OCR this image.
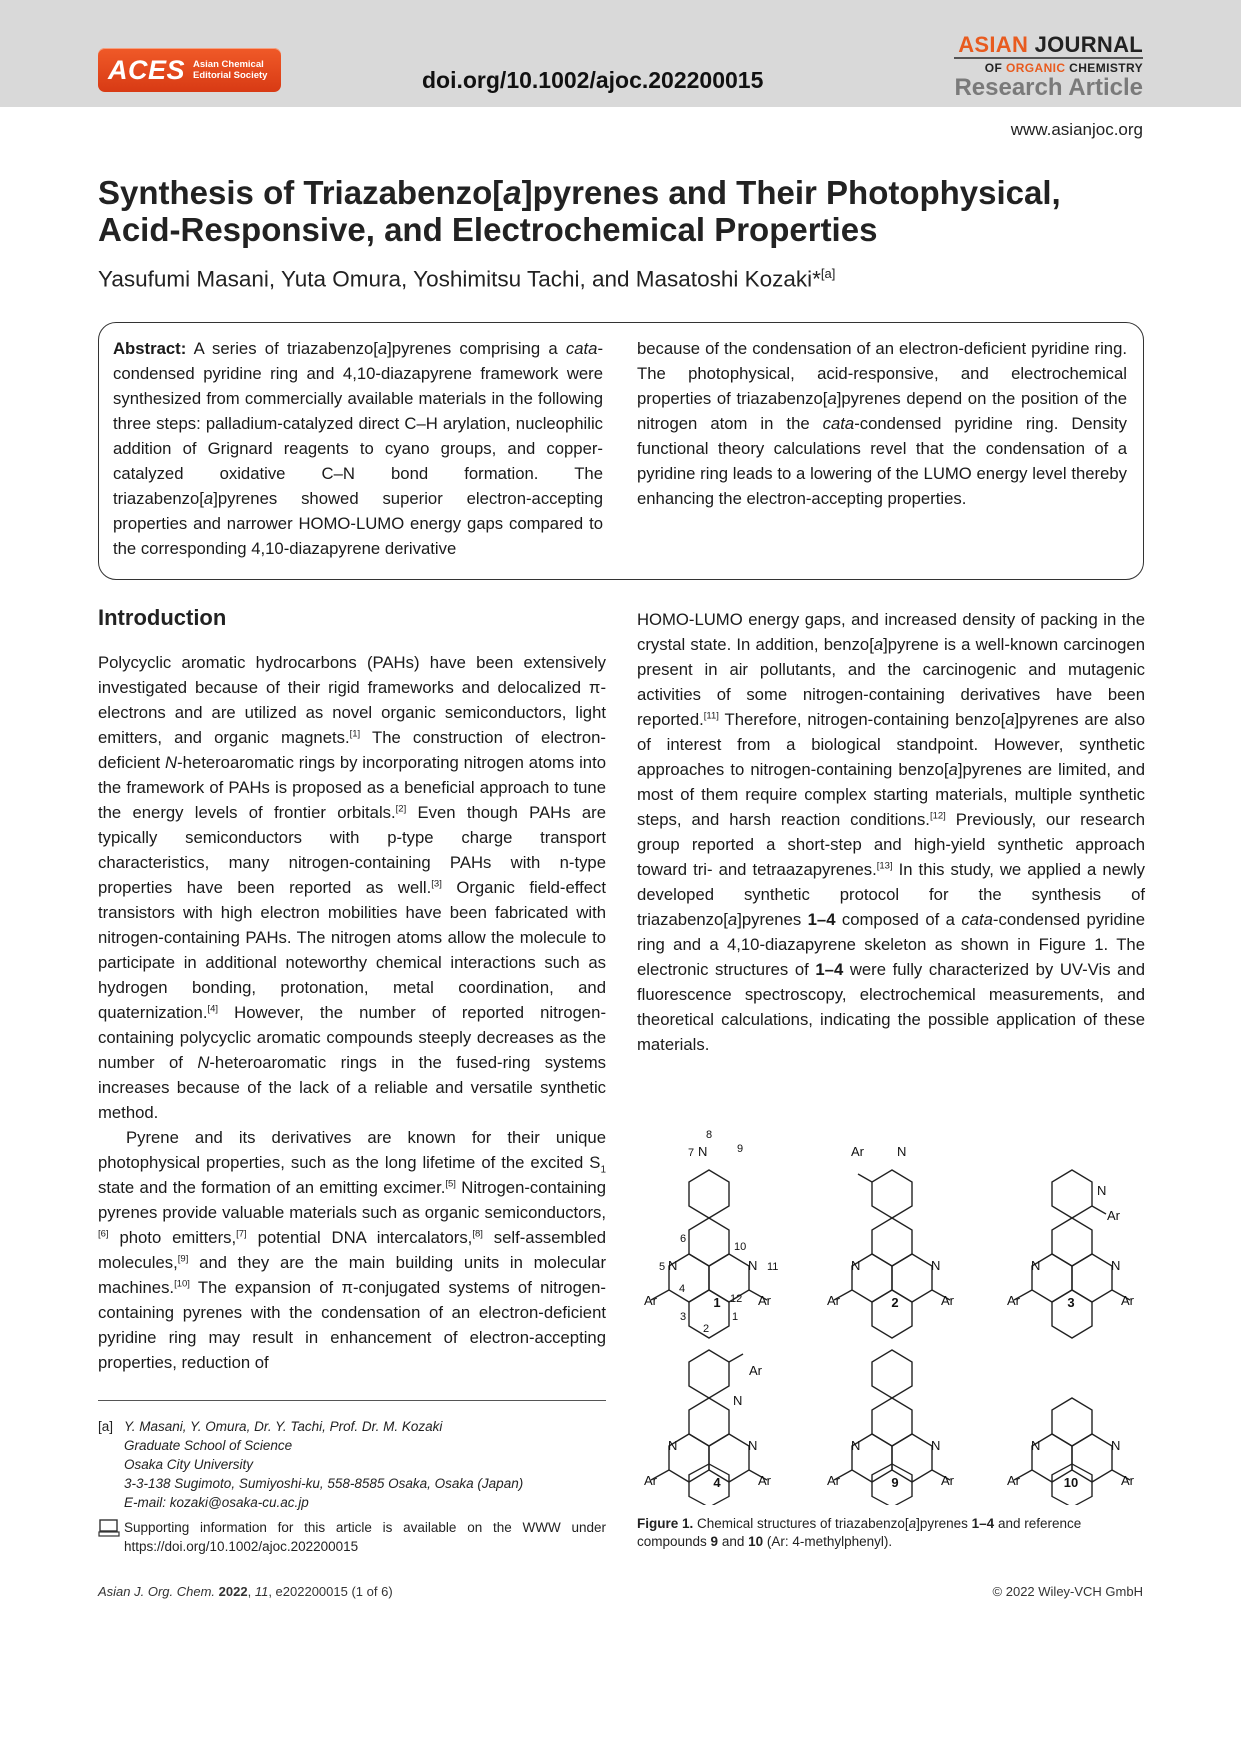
ACES Asian Chemical
Editorial Society	doi.org/10.1002/ajoc.202200015
ASIAN JOURNAL
OF ORGANIC CHEMISTRY
Research Article
www.asianjoc.org
Synthesis of Triazabenzo[a]pyrenes and Their Photophysical, Acid-Responsive, and Electrochemical Properties
Yasufumi Masani, Yuta Omura, Yoshimitsu Tachi, and Masatoshi Kozaki*[a]
Abstract: A series of triazabenzo[a]pyrenes comprising a cata-condensed pyridine ring and 4,10-diazapyrene framework were synthesized from commercially available materials in the following three steps: palladium-catalyzed direct C–H arylation, nucleophilic addition of Grignard reagents to cyano groups, and copper-catalyzed oxidative C–N bond formation. The triazabenzo[a]pyrenes showed superior electron-accepting properties and narrower HOMO-LUMO energy gaps compared to the corresponding 4,10-diazapyrene derivative
because of the condensation of an electron-deficient pyridine ring. The photophysical, acid-responsive, and electrochemical properties of triazabenzo[a]pyrenes depend on the position of the nitrogen atom in the cata-condensed pyridine ring. Density functional theory calculations revel that the condensation of a pyridine ring leads to a lowering of the LUMO energy level thereby enhancing the electron-accepting properties.
Introduction

Polycyclic aromatic hydrocarbons (PAHs) have been extensively investigated because of their rigid frameworks and delocalized π-electrons and are utilized as novel organic semiconductors, light emitters, and organic magnets.[1] The construction of electron-deficient N-heteroaromatic rings by incorporating nitrogen atoms into the framework of PAHs is proposed as a beneficial approach to tune the energy levels of frontier orbitals.[2] Even though PAHs are typically semiconductors with p-type charge transport characteristics, many nitrogen-containing PAHs with n-type properties have been reported as well.[3] Organic field-effect transistors with high electron mobilities have been fabricated with nitrogen-containing PAHs. The nitrogen atoms allow the molecule to participate in additional noteworthy chemical interactions such as hydrogen bonding, protonation, metal coordination, and quaternization.[4] However, the number of reported nitrogen-containing polycyclic aromatic compounds steeply decreases as the number of N-heteroaromatic rings in the fused-ring systems increases because of the lack of a reliable and versatile synthetic method.

Pyrene and its derivatives are known for their unique photophysical properties, such as the long lifetime of the excited $S_1$ state and the formation of an emitting excimer.[5] Nitrogen-containing pyrenes provide valuable materials such as organic semiconductors,[6] photo emitters,[7] potential DNA intercalators,[8] self-assembled molecules,[9] and they are the main building units in molecular machines.[10] The expansion of π-conjugated systems of nitrogen-containing pyrenes with the condensation of an electron-deficient pyridine ring may result in enhancement of electron-accepting properties, reduction of

HOMO-LUMO energy gaps, and increased density of packing in the crystal state. In addition, benzo[a]pyrene is a well-known carcinogen present in air pollutants, and the carcinogenic and mutagenic activities of some nitrogen-containing derivatives have been reported.[11] Therefore, nitrogen-containing benzo[a]pyrenes are also of interest from a biological standpoint. However, synthetic approaches to nitrogen-containing benzo[a]pyrenes are limited, and most of them require complex starting materials, multiple synthetic steps, and harsh reaction conditions.[12] Previously, our research group reported a short-step and high-yield synthetic approach toward tri- and tetraazapyrenes.[13] In this study, we applied a newly developed synthetic protocol for the synthesis of triazabenzo[a]pyrenes 1–4 composed of a cata-condensed pyridine ring and a 4,10-diazapyrene skeleton as shown in Figure 1. The electronic structures of 1–4 were fully characterized by UV-Vis and fluorescence spectroscopy, electrochemical measurements, and theoretical calculations, indicating the possible application of these materials.

N
N	N
Ar	Ar
1
2
3
4
5
6
7
8
9
10
11
12
N
Ar
N	N
Ar	Ar
N
Ar
N	N
Ar	Ar
Ar
N
N	N
Ar	Ar
N	N
Ar	Ar
N	N
Ar	Ar
1	2	3
4	9	10
Figure 1. Chemical structures of triazabenzo[a]pyrenes 1–4 and reference compounds 9 and 10 (Ar: 4-methylphenyl).
[a] Y. Masani, Y. Omura, Dr. Y. Tachi, Prof. Dr. M. Kozaki
Graduate School of Science
Osaka City University
3-3-138 Sugimoto, Sumiyoshi-ku, 558-8585 Osaka, Osaka (Japan)
E-mail: kozaki@osaka-cu.ac.jp
Supporting information for this article is available on the WWW under https://doi.org/10.1002/ajoc.202200015
Asian J. Org. Chem. 2022, 11, e202200015 (1 of 6)	© 2022 Wiley-VCH GmbH
